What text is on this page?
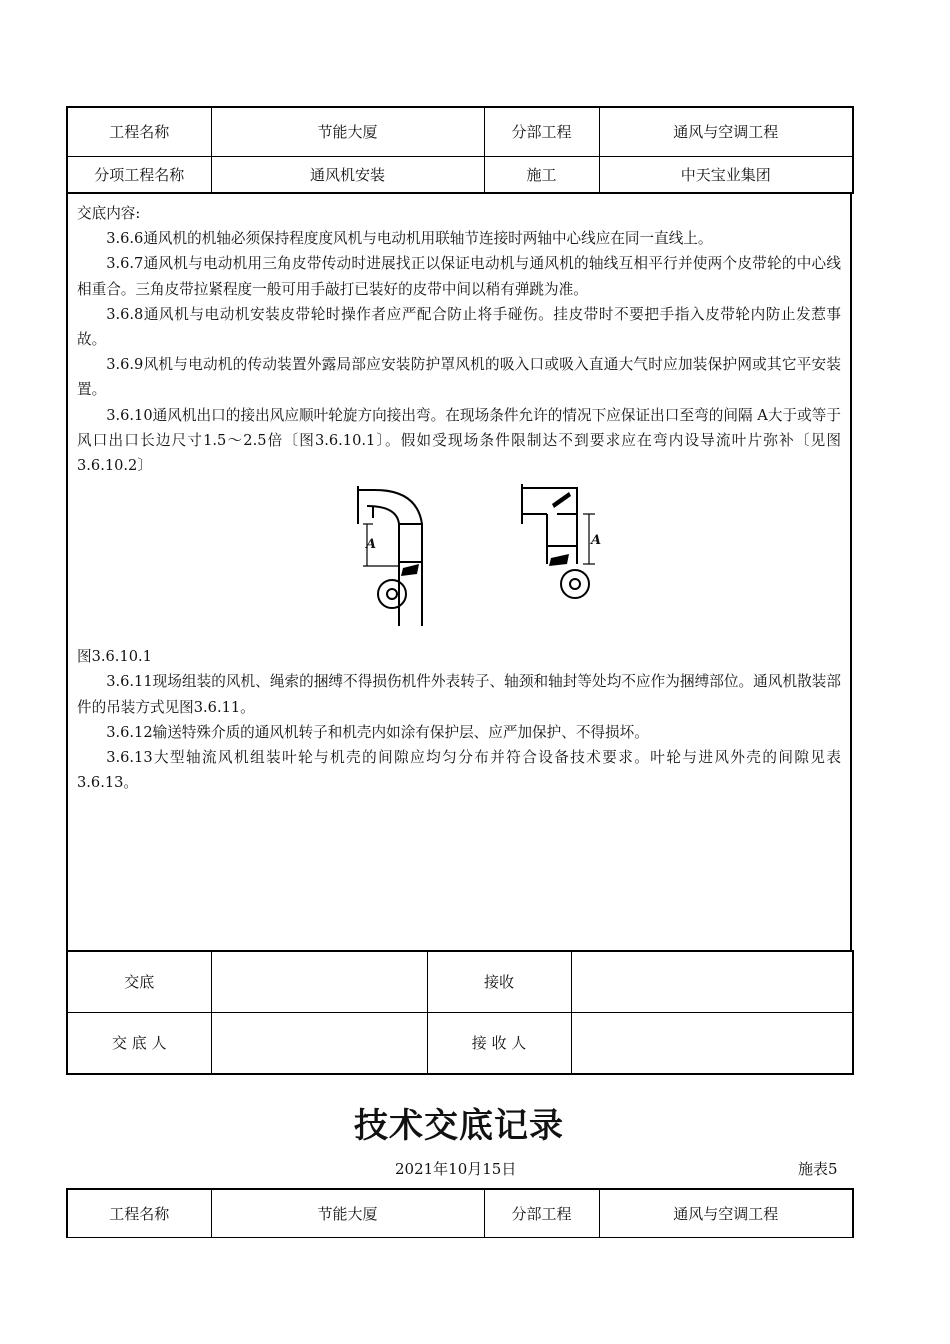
工程名称	节能大厦	分部工程	通风与空调工程
分项工程名称	通风机安装	施工	中天宝业集团

交底内容:

3.6.6通风机的机轴必须保持程度度风机与电动机用联轴节连接时两轴中心线应在同一直线上。

3.6.7通风机与电动机用三角皮带传动时进展找正以保证电动机与通风机的轴线互相平行并使两个皮带轮的中心线相重合。三角皮带拉紧程度一般可用手敲打已装好的皮带中间以稍有弹跳为准。

3.6.8通风机与电动机安装皮带轮时操作者应严配合防止将手碰伤。挂皮带时不要把手指入皮带轮内防止发惹事故。

3.6.9风机与电动机的传动装置外露局部应安装防护罩风机的吸入口或吸入直通大气时应加装保护网或其它平安装置。

3.6.10通风机出口的接出风应顺叶轮旋方向接出弯。在现场条件允许的情况下应保证出口至弯的间隔 A大于或等于风口出口长边尺寸1.5～2.5倍〔图3.6.10.1〕。假如受现场条件限制达不到要求应在弯内设导流叶片弥补〔见图3.6.10.2〕

A	A

图3.6.10.1

3.6.11现场组装的风机、绳索的捆缚不得损伤机件外表转子、轴颈和轴封等处均不应作为捆缚部位。通风机散装部件的吊装方式见图3.6.11。

3.6.12输送特殊介质的通风机转子和机壳内如涂有保护层、应严加保护、不得损坏。

3.6.13大型轴流风机组装叶轮与机壳的间隙应均匀分布并符合设备技术要求。叶轮与进风外壳的间隙见表3.6.13。

交底		接收	
交 底 人		接 收 人	
技术交底记录
2021年10月15日	施表5
工程名称	节能大厦	分部工程	通风与空调工程
